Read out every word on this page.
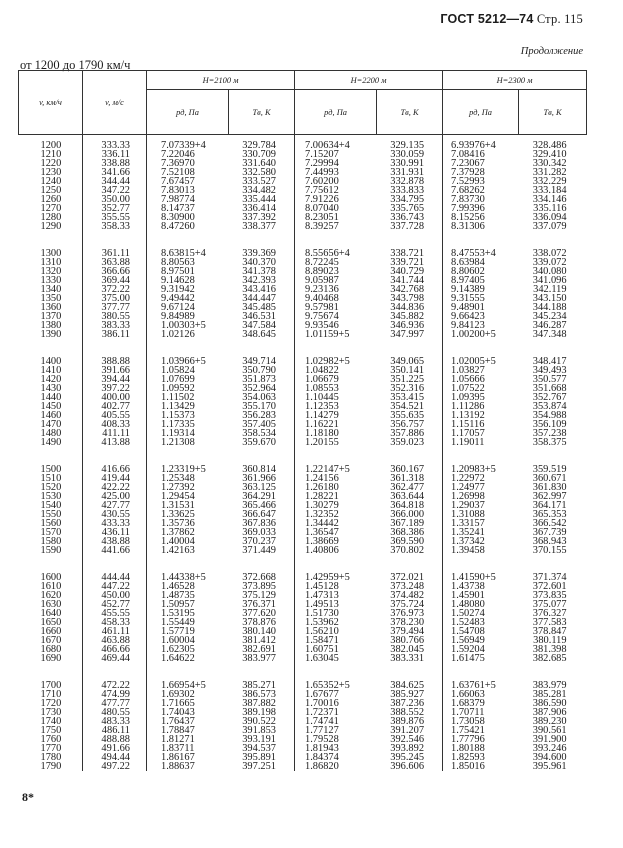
ГОСТ 5212—74 Стр. 115
Продолжение
от 1200 до 1790 км/ч
v, км/ч	v, м/с	H=2100 м		H=2200 м		H=2300 м	
		pд, Па	Tв, К	pд, Па	Tв, К	pд, Па	Tв, К
1200	333.33	7.07339+4	329.784	7.00634+4	329.135	6.93976+4	328.486
1210	336.11	7.22046	330.709	7.15207	330.059	7.08416	329.410
1220	338.88	7.36970	331.640	7.29994	330.991	7.23067	330.342
1230	341.66	7.52108	332.580	7.44993	331.931	7.37928	331.282
1240	344.44	7.67457	333.527	7.60200	332.878	7.52993	332.229
1250	347.22	7.83013	334.482	7.75612	333.833	7.68262	333.184
1260	350.00	7.98774	335.444	7.91226	334.795	7.83730	334.146
1270	352.77	8.14737	336.414	8.07040	335.765	7.99396	335.116
1280	355.55	8.30900	337.392	8.23051	336.743	8.15256	336.094
1290	358.33	8.47260	338.377	8.39257	337.728	8.31306	337.079
1300	361.11	8.63815+4	339.369	8.55656+4	338.721	8.47553+4	338.072
1310	363.88	8.80563	340.370	8.72245	339.721	8.63984	339.072
1320	366.66	8.97501	341.378	8.89023	340.729	8.80602	340.080
1330	369.44	9.14628	342.393	9.05987	341.744	8.97405	341.096
1340	372.22	9.31942	343.416	9.23136	342.768	9.14389	342.119
1350	375.00	9.49442	344.447	9.40468	343.798	9.31555	343.150
1360	377.77	9.67124	345.485	9.57981	344.836	9.48901	344.188
1370	380.55	9.84989	346.531	9.75674	345.882	9.66423	345.234
1380	383.33	1.00303+5	347.584	9.93546	346.936	9.84123	346.287
1390	386.11	1.02126	348.645	1.01159+5	347.997	1.00200+5	347.348
1400	388.88	1.03966+5	349.714	1.02982+5	349.065	1.02005+5	348.417
1410	391.66	1.05824	350.790	1.04822	350.141	1.03827	349.493
1420	394.44	1.07699	351.873	1.06679	351.225	1.05666	350.577
1430	397.22	1.09592	352.964	1.08553	352.316	1.07522	351.668
1440	400.00	1.11502	354.063	1.10445	353.415	1.09395	352.767
1450	402.77	1.13429	355.170	1.12353	354.521	1.11286	353.874
1460	405.55	1.15373	356.283	1.14279	355.635	1.13192	354.988
1470	408.33	1.17335	357.405	1.16221	356.757	1.15116	356.109
1480	411.11	1.19314	358.534	1.18180	357.886	1.17057	357.238
1490	413.88	1.21308	359.670	1.20155	359.023	1.19011	358.375
1500	416.66	1.23319+5	360.814	1.22147+5	360.167	1.20983+5	359.519
1510	419.44	1.25348	361.966	1.24156	361.318	1.22972	360.671
1520	422.22	1.27392	363.125	1.26180	362.477	1.24977	361.830
1530	425.00	1.29454	364.291	1.28221	363.644	1.26998	362.997
1540	427.77	1.31531	365.466	1.30279	364.818	1.29037	364.171
1550	430.55	1.33625	366.647	1.32352	366.000	1.31088	365.353
1560	433.33	1.35736	367.836	1.34442	367.189	1.33157	366.542
1570	436.11	1.37862	369.033	1.36547	368.386	1.35241	367.739
1580	438.88	1.40004	370.237	1.38669	369.590	1.37342	368.943
1590	441.66	1.42163	371.449	1.40806	370.802	1.39458	370.155
1600	444.44	1.44338+5	372.668	1.42959+5	372.021	1.41590+5	371.374
1610	447.22	1.46528	373.895	1.45128	373.248	1.43738	372.601
1620	450.00	1.48735	375.129	1.47313	374.482	1.45901	373.835
1630	452.77	1.50957	376.371	1.49513	375.724	1.48080	375.077
1640	455.55	1.53195	377.620	1.51730	376.973	1.50274	376.327
1650	458.33	1.55449	378.876	1.53962	378.230	1.52483	377.583
1660	461.11	1.57719	380.140	1.56210	379.494	1.54708	378.847
1670	463.88	1.60004	381.412	1.58471	380.766	1.56949	380.119
1680	466.66	1.62305	382.691	1.60751	382.045	1.59204	381.398
1690	469.44	1.64622	383.977	1.63045	383.331	1.61475	382.685
1700	472.22	1.66954+5	385.271	1.65352+5	384.625	1.63761+5	383.979
1710	474.99	1.69302	386.573	1.67677	385.927	1.66063	385.281
1720	477.77	1.71665	387.882	1.70016	387.236	1.68379	386.590
1730	480.55	1.74043	389.198	1.72371	388.552	1.70711	387.906
1740	483.33	1.76437	390.522	1.74741	389.876	1.73058	389.230
1750	486.11	1.78847	391.853	1.77127	391.207	1.75421	390.561
1760	488.88	1.81271	393.191	1.79528	392.546	1.77796	391.900
1770	491.66	1.83711	394.537	1.81943	393.892	1.80188	393.246
1780	494.44	1.86167	395.891	1.84374	395.245	1.82593	394.600
1790	497.22	1.88637	397.251	1.86820	396.606	1.85016	395.961
8*
